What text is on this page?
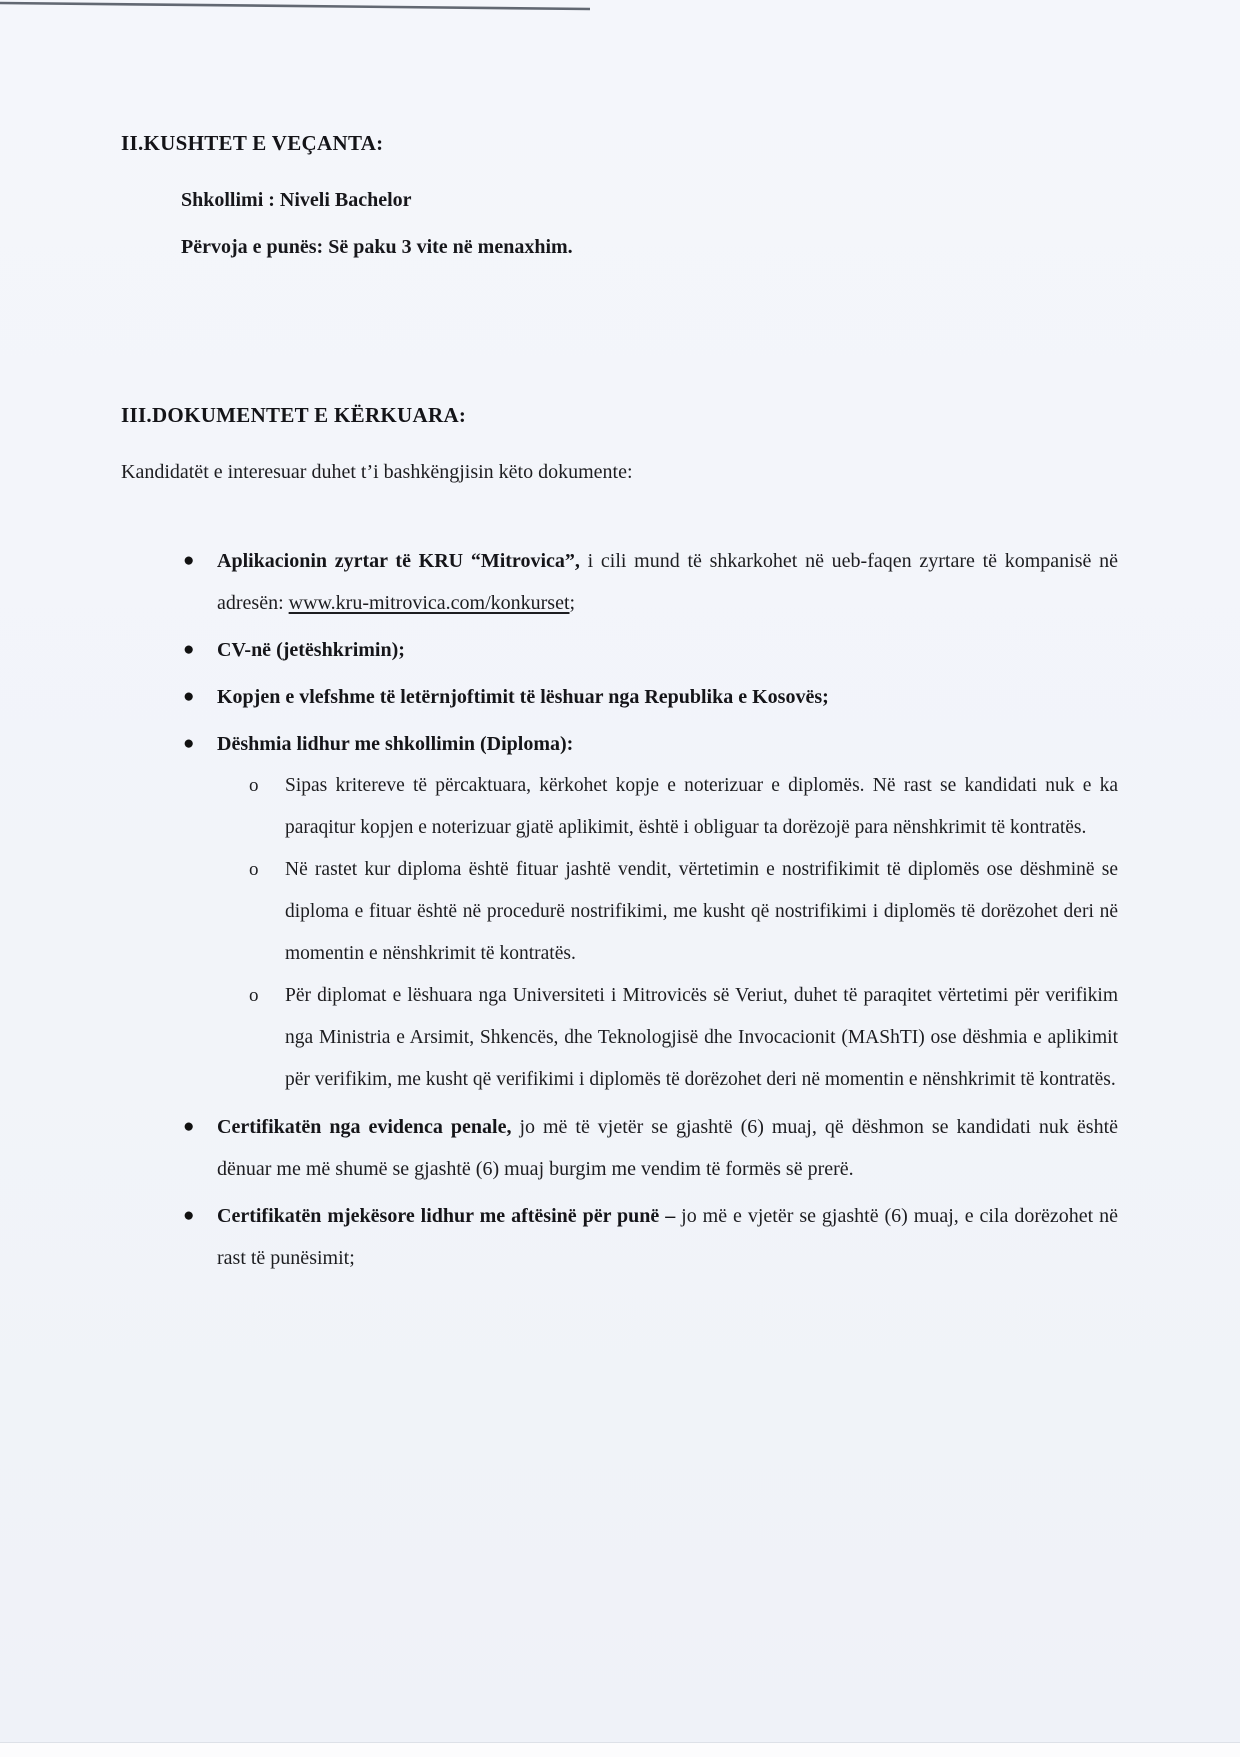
II.KUSHTET E VEÇANTA:
Shkollimi : Niveli Bachelor
Përvoja e punës: Së paku 3 vite në menaxhim.
III.DOKUMENTET E KËRKUARA:

Kandidatët e interesuar duhet t’i bashkëngjisin këto dokumente:

●	Aplikacionin zyrtar të KRU “Mitrovica”, i cili mund të shkarkohet në ueb-faqen zyrtare të kompanisë në adresën: www.kru-mitrovica.com/konkurset;
●	CV-në (jetëshkrimin);
●	Kopjen e vlefshme të letërnjoftimit të lëshuar nga Republika e Kosovës;
●	Dëshmia lidhur me shkollimin (Diploma):
o	Sipas kritereve të përcaktuara, kërkohet kopje e noterizuar e diplomës. Në rast se kandidati nuk e ka paraqitur kopjen e noterizuar gjatë aplikimit, është i obliguar ta dorëzojë para nënshkrimit të kontratës.
o	Në rastet kur diploma është fituar jashtë vendit, vërtetimin e nostrifikimit të diplomës ose dëshminë se diploma e fituar është në procedurë nostrifikimi, me kusht që nostrifikimi i diplomës të dorëzohet deri në momentin e nënshkrimit të kontratës.
o	Për diplomat e lëshuara nga Universiteti i Mitrovicës së Veriut, duhet të paraqitet vërtetimi për verifikim nga Ministria e Arsimit, Shkencës, dhe Teknologjisë dhe Invocacionit (MAShTI) ose dëshmia e aplikimit për verifikim, me kusht që verifikimi i diplomës të dorëzohet deri në momentin e nënshkrimit të kontratës.
●	Certifikatën nga evidenca penale, jo më të vjetër se gjashtë (6) muaj, që dëshmon se kandidati nuk është dënuar me më shumë se gjashtë (6) muaj burgim me vendim të formës së prerë.
●	Certifikatën mjekësore lidhur me aftësinë për punë – jo më e vjetër se gjashtë (6) muaj, e cila dorëzohet në rast të punësimit;
